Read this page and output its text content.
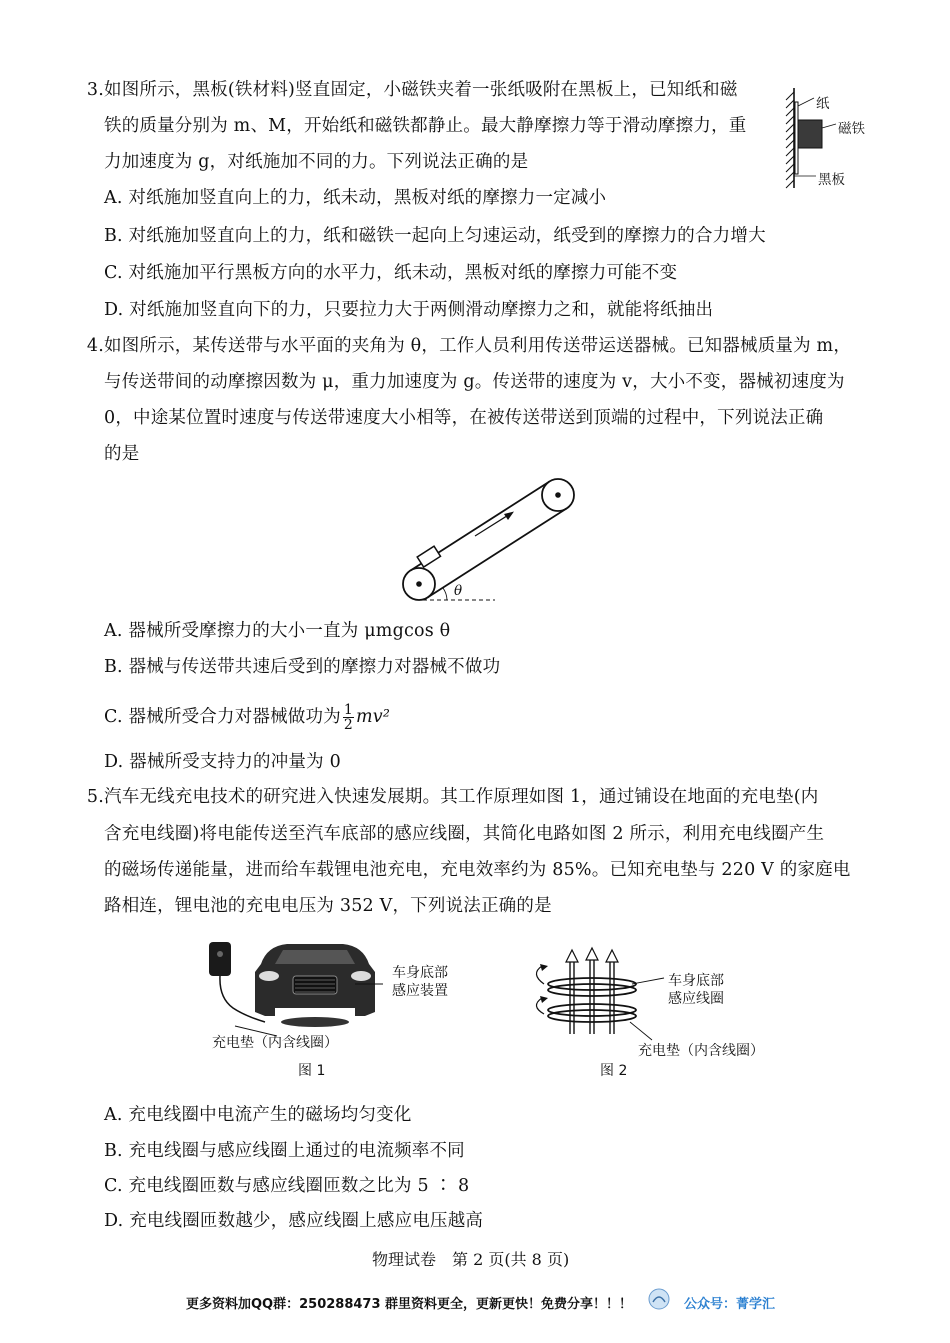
3. 如图所示，黑板(铁材料)竖直固定，小磁铁夹着一张纸吸附在黑板上，已知纸和磁
铁的质量分别为 m、M，开始纸和磁铁都静止。最大静摩擦力等于滑动摩擦力，重
力加速度为 g，对纸施加不同的力。下列说法正确的是
A. 对纸施加竖直向上的力，纸未动，黑板对纸的摩擦力一定减小
B. 对纸施加竖直向上的力，纸和磁铁一起向上匀速运动，纸受到的摩擦力的合力增大
C. 对纸施加平行黑板方向的水平力，纸未动，黑板对纸的摩擦力可能不变
D. 对纸施加竖直向下的力，只要拉力大于两侧滑动摩擦力之和，就能将纸抽出
纸
磁铁
黑板
4. 如图所示，某传送带与水平面的夹角为 θ，工作人员利用传送带运送器械。已知器械质量为 m，
与传送带间的动摩擦因数为 μ，重力加速度为 g。传送带的速度为 v，大小不变，器械初速度为
0，中途某位置时速度与传送带速度大小相等，在被传送带送到顶端的过程中，下列说法正确
的是
θ
A. 器械所受摩擦力的大小一直为 μmgcos θ
B. 器械与传送带共速后受到的摩擦力对器械不做功
C. 器械所受合力对器械做功为 $\frac{1}{2} mv^2$
D. 器械所受支持力的冲量为 0
5. 汽车无线充电技术的研究进入快速发展期。其工作原理如图 1，通过铺设在地面的充电垫(内
含充电线圈)将电能传送至汽车底部的感应线圈，其简化电路如图 2 所示，利用充电线圈产生
的磁场传递能量，进而给车载锂电池充电，充电效率约为 85%。已知充电垫与 220 V 的家庭电
路相连，锂电池的充电电压为 352 V，下列说法正确的是
车身底部
感应装置
充电垫（内含线圈）
图 1
车身底部
感应线圈
充电垫（内含线圈）
图 2
A. 充电线圈中电流产生的磁场均匀变化
B. 充电线圈与感应线圈上通过的电流频率不同
C. 充电线圈匝数与感应线圈匝数之比为 5 ∶ 8
D. 充电线圈匝数越少，感应线圈上感应电压越高
物理试卷　第 2 页(共 8 页)
更多资料加QQ群：250288473 群里资料更全，更新更快！免费分享！！！	公众号：菁学汇
